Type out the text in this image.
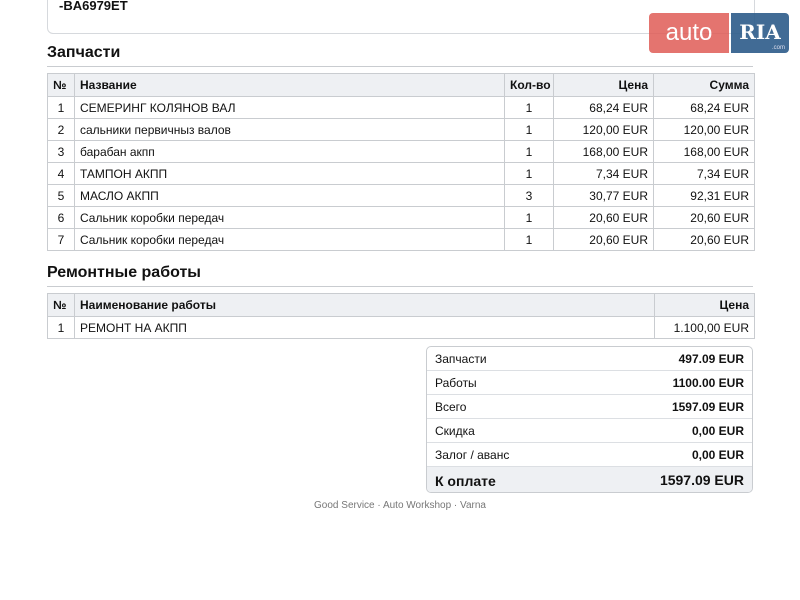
-BA6979ET
auto	RIA
.com
Запчасти
№	Название	Кол-во	Цена	Сумма
1	СЕМЕРИНГ КОЛЯНОВ ВАЛ	1	68,24 EUR	68,24 EUR
2	сальники первичныз валов	1	120,00 EUR	120,00 EUR
3	барабан акпп	1	168,00 EUR	168,00 EUR
4	ТАМПОН АКПП	1	7,34 EUR	7,34 EUR
5	МАСЛО АКПП	3	30,77 EUR	92,31 EUR
6	Сальник коробки передач	1	20,60 EUR	20,60 EUR
7	Сальник коробки передач	1	20,60 EUR	20,60 EUR
Ремонтные работы
№	Наименование работы	Цена
1	РЕМОНТ НА АКПП	1.100,00 EUR
Запчасти	497.09 EUR
Работы	1100.00 EUR
Всего	1597.09 EUR
Скидка	0,00 EUR
Залог / аванс	0,00 EUR
К оплате	1597.09 EUR
Good Service · Auto Workshop · Varna
